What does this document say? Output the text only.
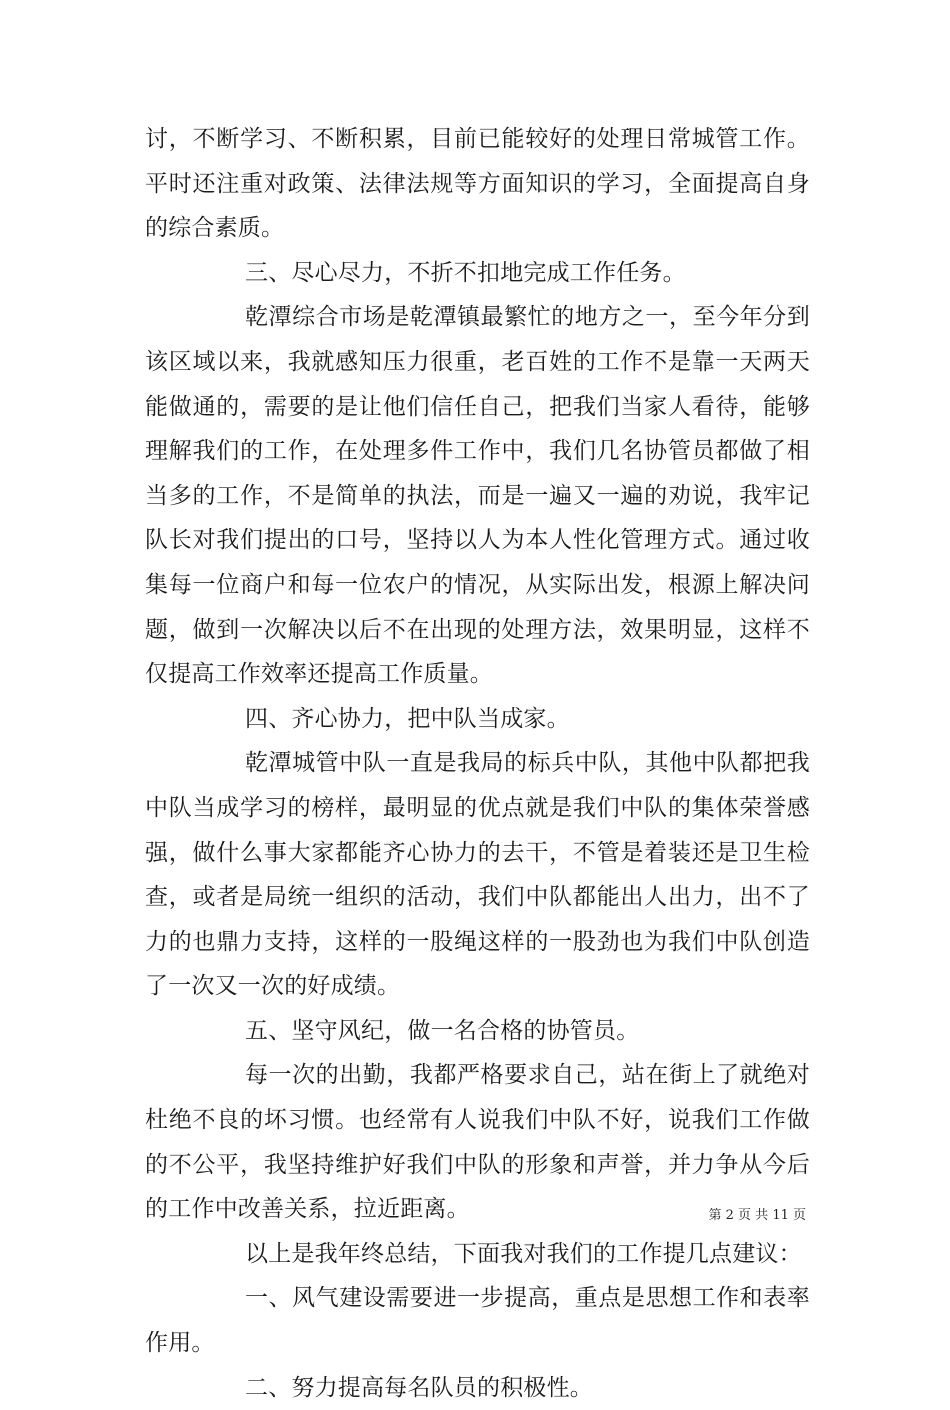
讨，不断学习、不断积累，目前已能较好的处理日常城管工作。平时还注重对政策、法律法规等方面知识的学习，全面提高自身的综合素质。

三、尽心尽力，不折不扣地完成工作任务。

乾潭综合市场是乾潭镇最繁忙的地方之一，至今年分到该区域以来，我就感知压力很重，老百姓的工作不是靠一天两天能做通的，需要的是让他们信任自己，把我们当家人看待，能够理解我们的工作，在处理多件工作中，我们几名协管员都做了相当多的工作，不是简单的执法，而是一遍又一遍的劝说，我牢记队长对我们提出的口号，坚持以人为本人性化管理方式。通过收集每一位商户和每一位农户的情况，从实际出发，根源上解决问题，做到一次解决以后不在出现的处理方法，效果明显，这样不仅提高工作效率还提高工作质量。

四、齐心协力，把中队当成家。

乾潭城管中队一直是我局的标兵中队，其他中队都把我中队当成学习的榜样，最明显的优点就是我们中队的集体荣誉感强，做什么事大家都能齐心协力的去干，不管是着装还是卫生检查，或者是局统一组织的活动，我们中队都能出人出力，出不了力的也鼎力支持，这样的一股绳这样的一股劲也为我们中队创造了一次又一次的好成绩。

五、坚守风纪，做一名合格的协管员。

每一次的出勤，我都严格要求自己，站在街上了就绝对杜绝不良的坏习惯。也经常有人说我们中队不好，说我们工作做的不公平，我坚持维护好我们中队的形象和声誉，并力争从今后的工作中改善关系，拉近距离。

以上是我年终总结，下面我对我们的工作提几点建议：

一、风气建设需要进一步提高，重点是思想工作和表率作用。

二、努力提高每名队员的积极性。

第 2 页 共 11 页
